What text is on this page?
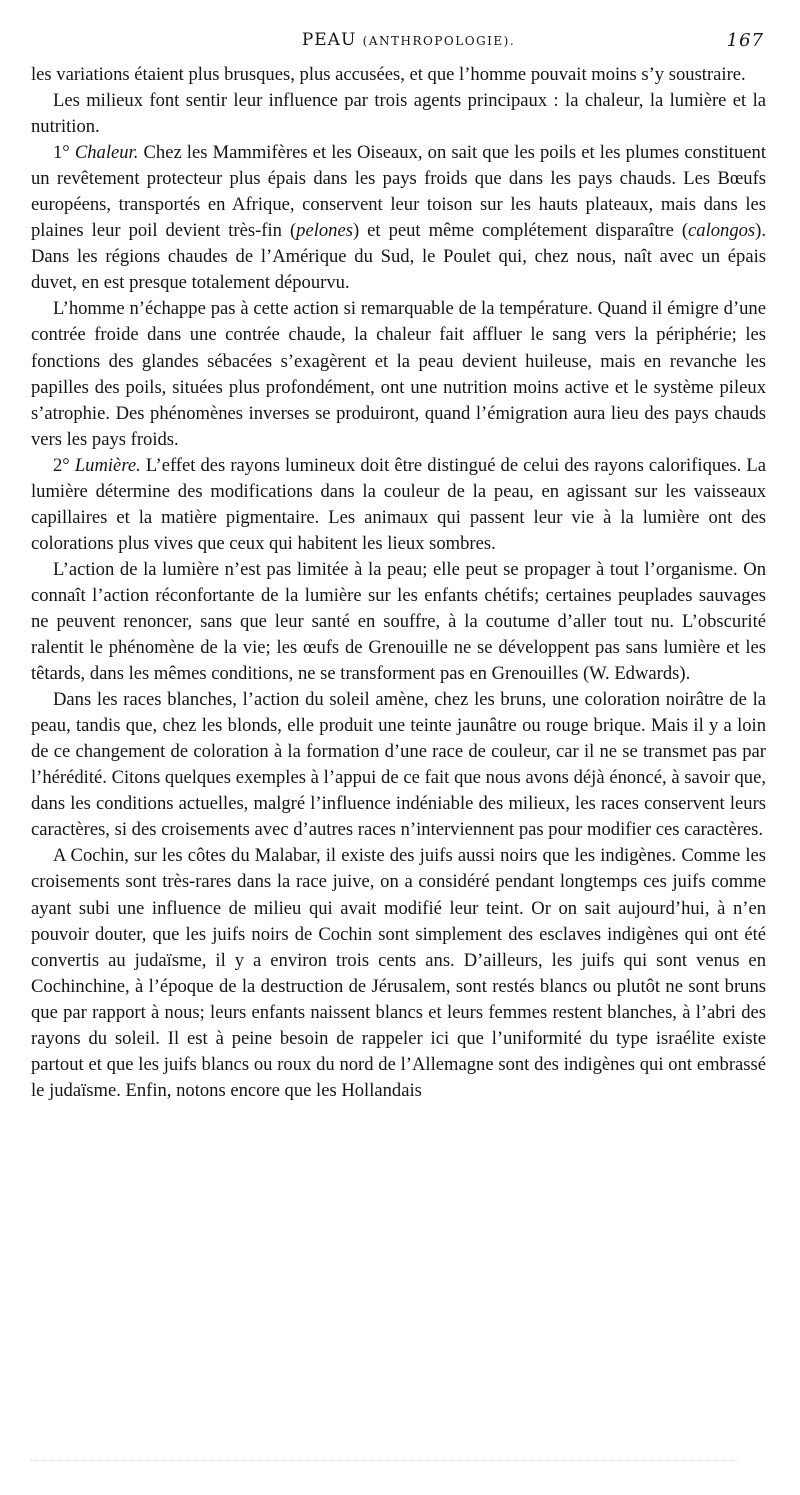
PEAU (ANTHROPOLOGIE).	167

les variations étaient plus brusques, plus accusées, et que l’homme pouvait moins s’y soustraire.

Les milieux font sentir leur influence par trois agents principaux : la chaleur, la lumière et la nutrition.

1° Chaleur. Chez les Mammifères et les Oiseaux, on sait que les poils et les plumes constituent un revêtement protecteur plus épais dans les pays froids que dans les pays chauds. Les Bœufs européens, transportés en Afrique, conservent leur toison sur les hauts plateaux, mais dans les plaines leur poil devient très-fin (pelones) et peut même complétement disparaître (calongos). Dans les régions chaudes de l’Amérique du Sud, le Poulet qui, chez nous, naît avec un épais duvet, en est presque totalement dépourvu.

L’homme n’échappe pas à cette action si remarquable de la température. Quand il émigre d’une contrée froide dans une contrée chaude, la chaleur fait affluer le sang vers la périphérie; les fonctions des glandes sébacées s’exagèrent et la peau devient huileuse, mais en revanche les papilles des poils, situées plus profondément, ont une nutrition moins active et le système pileux s’atrophie. Des phénomènes inverses se produiront, quand l’émigration aura lieu des pays chauds vers les pays froids.

2° Lumière. L’effet des rayons lumineux doit être distingué de celui des rayons calorifiques. La lumière détermine des modifications dans la couleur de la peau, en agissant sur les vaisseaux capillaires et la matière pigmentaire. Les animaux qui passent leur vie à la lumière ont des colorations plus vives que ceux qui habitent les lieux sombres.

L’action de la lumière n’est pas limitée à la peau; elle peut se propager à tout l’organisme. On connaît l’action réconfortante de la lumière sur les enfants chétifs; certaines peuplades sauvages ne peuvent renoncer, sans que leur santé en souffre, à la coutume d’aller tout nu. L’obscurité ralentit le phénomène de la vie; les œufs de Grenouille ne se développent pas sans lumière et les têtards, dans les mêmes conditions, ne se transforment pas en Grenouilles (W. Edwards).

Dans les races blanches, l’action du soleil amène, chez les bruns, une coloration noirâtre de la peau, tandis que, chez les blonds, elle produit une teinte jaunâtre ou rouge brique. Mais il y a loin de ce changement de coloration à la formation d’une race de couleur, car il ne se transmet pas par l’hérédité. Citons quelques exemples à l’appui de ce fait que nous avons déjà énoncé, à savoir que, dans les conditions actuelles, malgré l’influence indéniable des milieux, les races conservent leurs caractères, si des croisements avec d’autres races n’interviennent pas pour modifier ces caractères.

A Cochin, sur les côtes du Malabar, il existe des juifs aussi noirs que les indigènes. Comme les croisements sont très-rares dans la race juive, on a considéré pendant longtemps ces juifs comme ayant subi une influence de milieu qui avait modifié leur teint. Or on sait aujourd’hui, à n’en pouvoir douter, que les juifs noirs de Cochin sont simplement des esclaves indigènes qui ont été convertis au judaïsme, il y a environ trois cents ans. D’ailleurs, les juifs qui sont venus en Cochinchine, à l’époque de la destruction de Jérusalem, sont restés blancs ou plutôt ne sont bruns que par rapport à nous; leurs enfants naissent blancs et leurs femmes restent blanches, à l’abri des rayons du soleil. Il est à peine besoin de rappeler ici que l’uniformité du type israélite existe partout et que les juifs blancs ou roux du nord de l’Allemagne sont des indigènes qui ont embrassé le judaïsme. Enfin, notons encore que les Hollandais
